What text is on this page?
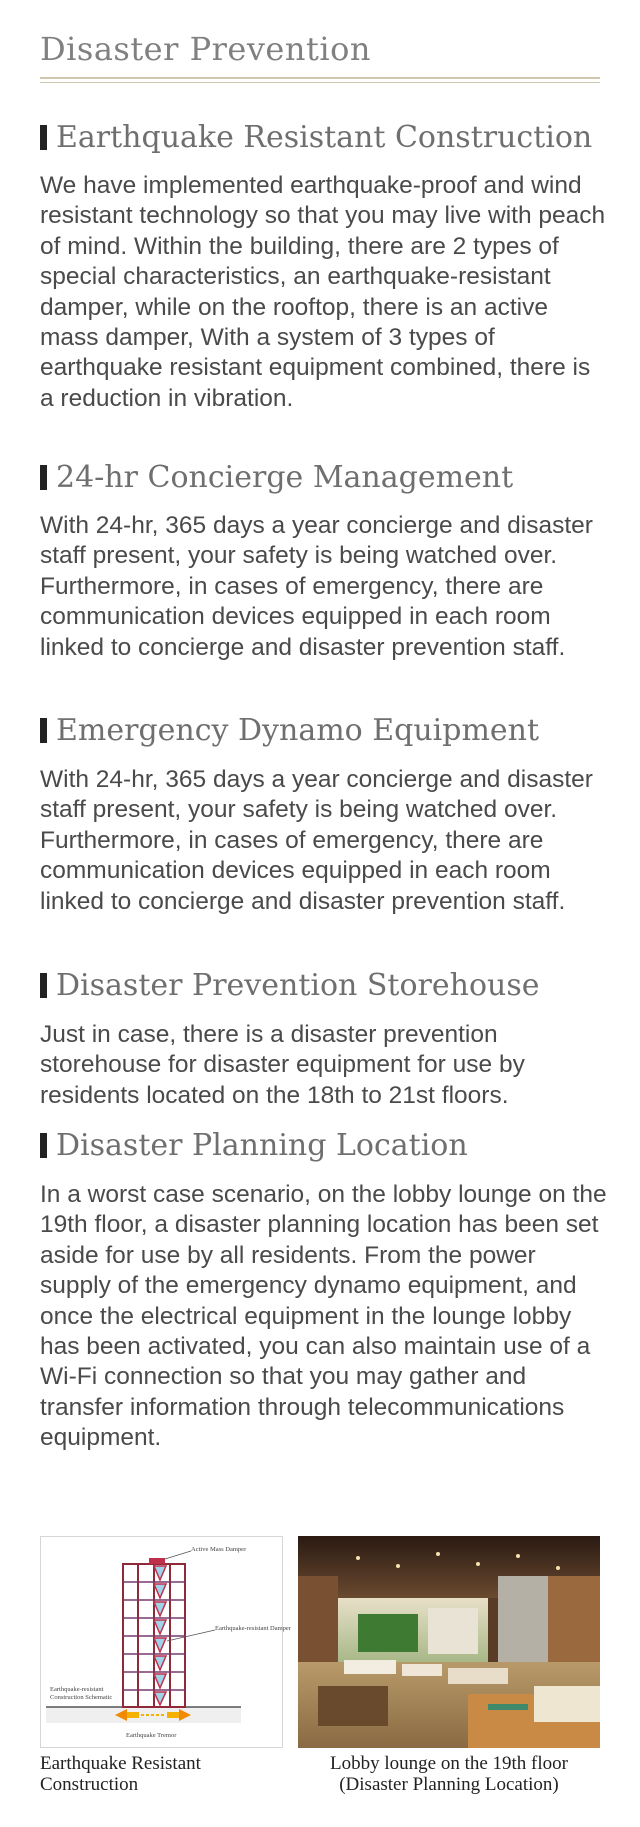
Disaster Prevention
Earthquake Resistant Construction

We have implemented earthquake-proof and wind resistant technology so that you may live with peach of mind. Within the building, there are 2 types of special characteristics, an earthquake-resistant damper, while on the rooftop, there is an active mass damper, With a system of 3 types of earthquake resistant equipment combined, there is a reduction in vibration.

24-hr Concierge Management

With 24-hr, 365 days a year concierge and disaster staff present, your safety is being watched over. Furthermore, in cases of emergency, there are communication devices equipped in each room linked to concierge and disaster prevention staff.

Emergency Dynamo Equipment

With 24-hr, 365 days a year concierge and disaster staff present, your safety is being watched over. Furthermore, in cases of emergency, there are communication devices equipped in each room linked to concierge and disaster prevention staff.

Disaster Prevention Storehouse

Just in case, there is a disaster prevention storehouse for disaster equipment for use by residents located on the 18th to 21st floors.

Disaster Planning Location

In a worst case scenario, on the lobby lounge on the 19th floor, a disaster planning location has been set aside for use by all residents. From the power supply of the emergency dynamo equipment, and once the electrical equipment in the lounge lobby has been activated, you can also maintain use of a Wi-Fi connection so that you may gather and transfer information through telecommunications equipment.

Active Mass Damper
Earthquake-resistant Damper
Earthquake-resistant
Construction Schematic
Earthquake Tremor
Earthquake Resistant
Construction
Lobby lounge on the 19th floor
(Disaster Planning Location)
